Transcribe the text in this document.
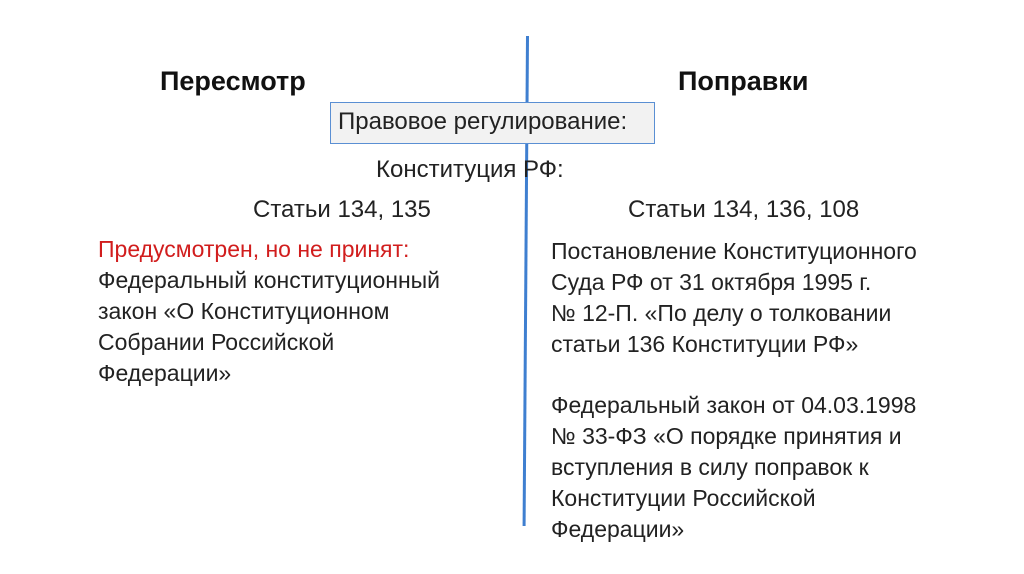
Пересмотр	Поправки
Правовое регулирование:
Конституция РФ:
Статьи 134, 135	Статьи 134, 136, 108
Предусмотрен, но не принят:
Федеральный конституционный
закон «О Конституционном
Собрании Российской
Федерации»

Постановление Конституционного
Суда РФ от 31 октября 1995 г.
№ 12-П. «По делу о толковании
статьи 136 Конституции РФ»

Федеральный закон от 04.03.1998
№ 33-ФЗ «О порядке принятия и
вступления в силу поправок к
Конституции Российской
Федерации»
